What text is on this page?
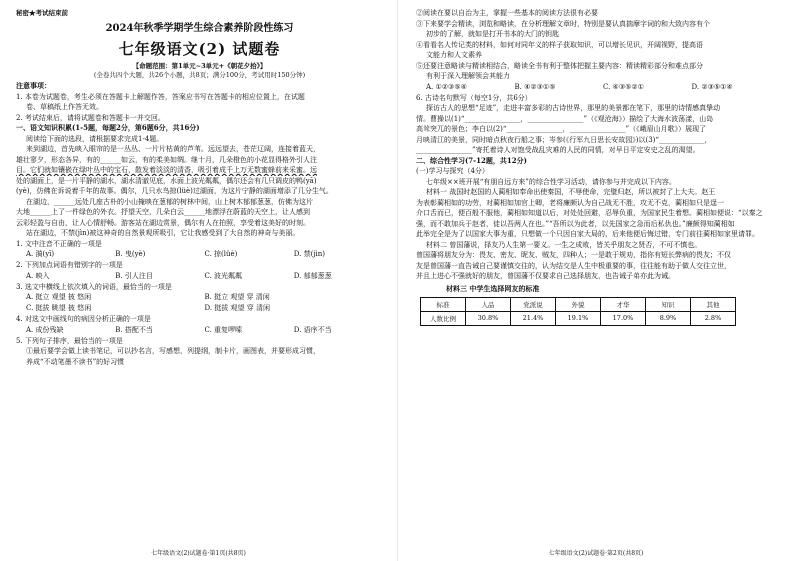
秘密★考试结束前

2024年秋季学期学生综合素养阶段性练习

七年级语文(2) 试题卷

【命题范围：第1单元~3单元+《朝花夕拾》】

(全卷共四个大题，共26个小题，共8页；满分100分，考试用时150分钟)

注意事项：

1. 本卷为试题卷，考生必须在答题卡上解题作答，答案应书写在答题卡的相应位置上，在试题

卷、草稿纸上作答无效。

2. 考试结束后，请将试题卷和答题卡一并交回。

一、语文知识积累(1-5题，每题2分，第6题6分，共16分)

阅读给下面的选段，请根据要求完成1-4题。

来到湖边，首先映入眼帘的是一丛丛、一片片枯黄的芦苇。远远望去，苍茫辽阔，连接着蓝天，

雄壮寥夕，形态各异，有的______如云，有的柔美如绸。继十月，几朵橙色的小花显得格外引人注

目。它们就如镶嵌在绿叶丛中的宝石，散发着淡淡的清香，吸引着成千上万无数蜜蜂前来采蜜。远

处的湖面上，是一片平静的湖水，湖水清澈见底，水面上波光粼粼，偶尔还会有几只调皮的鸭(yā)

(yè)，仿佛在诉说着千年的故事。偶尔，几只水鸟掠(lüè)过湖面，为这片宁静的湖面增添了几分生气。

在湖边，______远处几座古朴的小山掩映在葱郁的树林中间，山上树木郁郁葱葱，仿佛为这片

大地______上了一件绿色的外衣。抒望天空，几朵白云______地漂浮在蔚蓝的天空上，让人感到

云彩轻盈与自由，让人心情舒畅。游客站在湖边赏景，偶尔有人在拍照，享受着这美好的时刻。

站在湖边，不禁(jìn)被这神奇的自然景观所吸引，它让我感受到了大自然的神奇与美丽。

1. 文中注音不正确的一项是

A. 漪(yī)	B. 曳(yè)	C. 掠(lüè)	D. 禁(jìn)

2. 下列加点词语有错别字的一项是

A. 映入	B. 引人注目	C. 波光粼粼	D. 郁郁葱葱

3. 选文中横线上依次填入的词语，最恰当的一项是

A. 挺立 观望 披 悠闲	B. 挺立 观望 穿 清闲
C. 挺拔 眺望 披 悠闲	D. 挺拔 观望 穿 清闲

4. 对选文中画线句的病因分析正确的一项是

A. 成份残缺	B. 搭配不当	C. 重复啰嗦	D. 语序不当

5. 下列句子排序，最恰当的一项是

①最后要学会做上读书笔记，可以抄名言，写感想，列提纲，制卡片，画图表，并要形成习惯，

养成“不动笔墨不读书”的好习惯

七年级语文(2)试题卷·第1页(共8页)

②阅读在要以自治为主，掌握一些基本的阅读方法很有必要

③下来要学会精读，浏览和略读，在分析理解文章时，特别是要认真揣摩字词的和大致内容有个

初步的了解，就如是打开书本的大门的钥匙

④看看名人传记类的材料，如何对同年义的样子获取知识，可以增长见识，开阔视野，提高语

文能力和人文素养

⑤还要注意略读与精读相结合，略读全书有利于整体把握主要内容：精读精彩部分和难点部分

有利于深入理解领会其能力

A. ①②③⑤④	B. ④②③①⑤	C. ④③⑤②①	D. ②③⑤①④

6. 古诗名句默写（每空1分，共6分）

探访古人的思想“足迹”，走进丰富多彩的古诗世界，那里的美景都在笔下，那里的诗情感真挚动

情。曹操以(1)“________________，________________”（《观沧海》）描绘了大海水波荡漾，山岛

高耸突兀的景色；李白以(2)“________________，________________”（《峨眉山月歌》）展现了

月映清江的美景，同时暗点秋夜行船之事；岑参(《行军九日思长安故园》)以(3)“_____________，

________________”寄托着诗人对饱受战乱灾难的人民的同情，对早日平定安史之乱的渴望。

二、综合性学习(7-12题，共12分)

(一)学习与探究（4分）

七年级××班开展“有朋自远方来”的综合性学习活动，请你参与并完成以下内容。

材料一 战国时赵国的人蔺相如奉命出使秦国，不辱使命，完璧归赵，所以被封了上大夫。赵王

为表彰蔺相如的功劳，对蔺相如加官上卿，老将廉颇认为自己战无不胜，攻无不克，蔺相如只是逞一

介口舌而已，便百般不服他，蔺相如知道以后，对处处回避，忍辱负重，为国家民生着想。蔺相如便说：“以秦之

强，而不敢加兵于赵者，徒以吾两人在也。”“吾所以为此者，以先国家之急而后私仇也。”廉颇得知蔺相如

此举完全是为了以国家大事为重，只想做一个只因自家大局的，后来他便后悔过错，专门前往蔺相如家里请罪。

材料二 曾国藩说，择友乃人生第一要义。一生之成败，皆关乎朋友之贤否，不可不慎也。

曾国藩将朋友分为：畏友、密友、昵友、贼友，四种人；一是敢于规劝，指你有短长弊病的畏友；不仅

友是曾国藩一直告诫自己要谨慎交往的，认为结交是人生中极重要的事，往往能有助于做人交往立世，

并且上进心不强就好的朋友，曾国藩不仅要求自己选择朋友，也告诫子弟亦此为诫。

材料三 中学生选择网友的标准

标准	人品	党派说	外貌	才华	知识	其他
人数比例	30.8%	21.4%	19.1%	17.0%	8.9%	2.8%
七年级语文(2)试题卷·第2页(共8页)
